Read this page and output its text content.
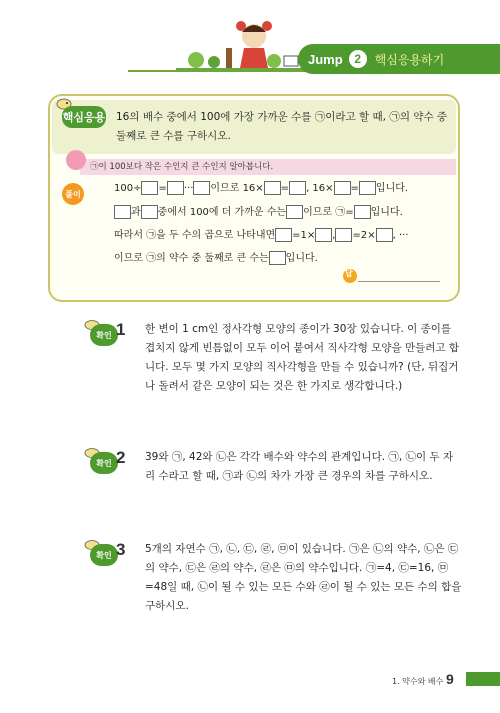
Jump 2	핵심응용하기
핵심응용 16의 배수 중에서 100에 가장 가까운 수를 ㉠이라고 할 때, ㉠의 약수 중 둘째로 큰 수를 구하시오.
㉠이 100보다 작은 수인지 큰 수인지 알아봅니다.
풀이	100÷ = ··· 이므로 16× = , 16× = 입니다.
과 중에서 100에 더 가까운 수는 이므로 ㉠= 입니다.
따라서 ㉠을 두 수의 곱으로 나타내면 =1× , =2× , ···
이므로 ㉠의 약수 중 둘째로 큰 수는 입니다.
답
확인 1 한 변이 1 cm인 정사각형 모양의 종이가 30장 있습니다. 이 종이를 겹치지 않게 빈틈없이 모두 이어 붙여서 직사각형 모양을 만들려고 합니다. 모두 몇 가지 모양의 직사각형을 만들 수 있습니까? (단, 뒤집거나 돌려서 같은 모양이 되는 것은 한 가지로 생각합니다.)
확인 2 39와 ㉠, 42와 ㉡은 각각 배수와 약수의 관계입니다. ㉠, ㉡이 두 자리 수라고 할 때, ㉠과 ㉡의 차가 가장 큰 경우의 차를 구하시오.
확인 3 5개의 자연수 ㉠, ㉡, ㉢, ㉣, ㉤이 있습니다. ㉠은 ㉡의 약수, ㉡은 ㉢의 약수, ㉢은 ㉣의 약수, ㉣은 ㉤의 약수입니다. ㉠=4, ㉢=16, ㉤=48일 때, ㉡이 될 수 있는 모든 수와 ㉣이 될 수 있는 모든 수의 합을 구하시오.
1. 약수와 배수 9
